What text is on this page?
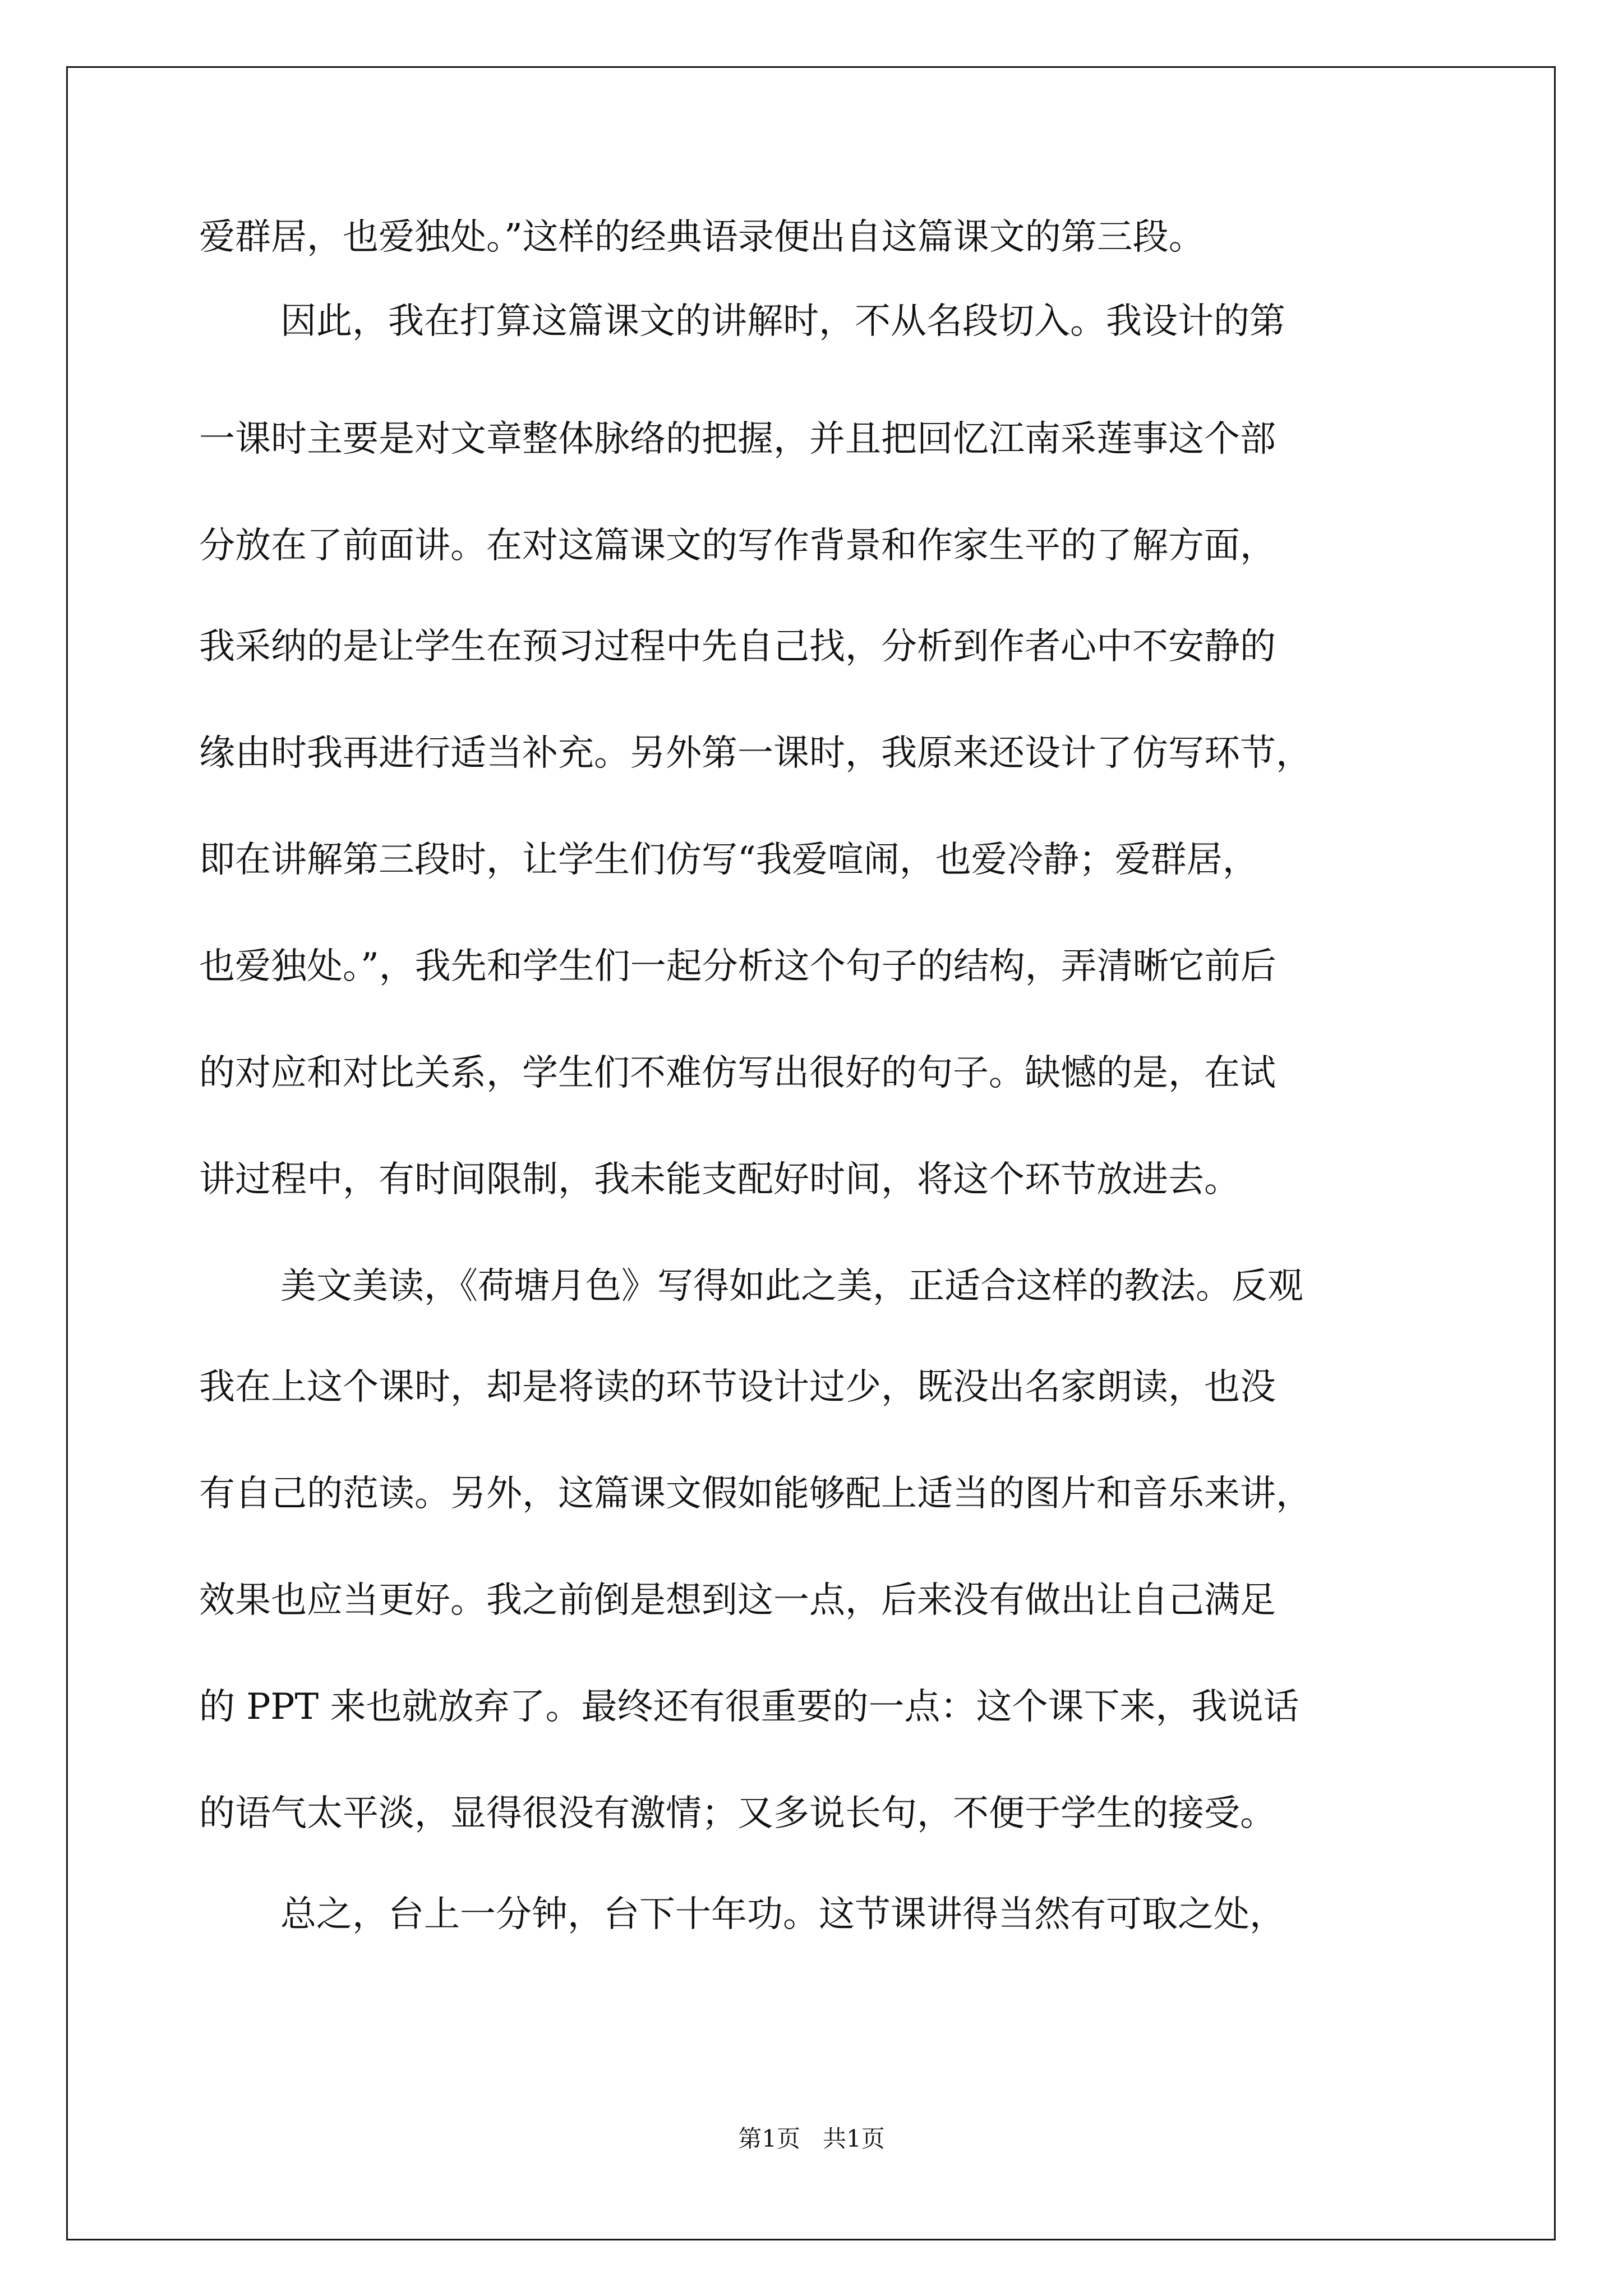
爱群居，也爱独处。”这样的经典语录便出自这篇课文的第三段。
因此，我在打算这篇课文的讲解时，不从名段切入。我设计的第
一课时主要是对文章整体脉络的把握，并且把回忆江南采莲事这个部
分放在了前面讲。在对这篇课文的写作背景和作家生平的了解方面，
我采纳的是让学生在预习过程中先自己找，分析到作者心中不安静的
缘由时我再进行适当补充。另外第一课时，我原来还设计了仿写环节，
即在讲解第三段时，让学生们仿写“我爱喧闹，也爱冷静；爱群居，
也爱独处。”，我先和学生们一起分析这个句子的结构，弄清晰它前后
的对应和对比关系，学生们不难仿写出很好的句子。缺憾的是，在试
讲过程中，有时间限制，我未能支配好时间，将这个环节放进去。
美文美读，《荷塘月色》写得如此之美，正适合这样的教法。反观
我在上这个课时，却是将读的环节设计过少，既没出名家朗读，也没
有自己的范读。另外，这篇课文假如能够配上适当的图片和音乐来讲，
效果也应当更好。我之前倒是想到这一点，后来没有做出让自己满足
的 PPT 来也就放弃了。最终还有很重要的一点：这个课下来，我说话
的语气太平淡，显得很没有激情；又多说长句，不便于学生的接受。
总之，台上一分钟，台下十年功。这节课讲得当然有可取之处，
第1页   共1页
